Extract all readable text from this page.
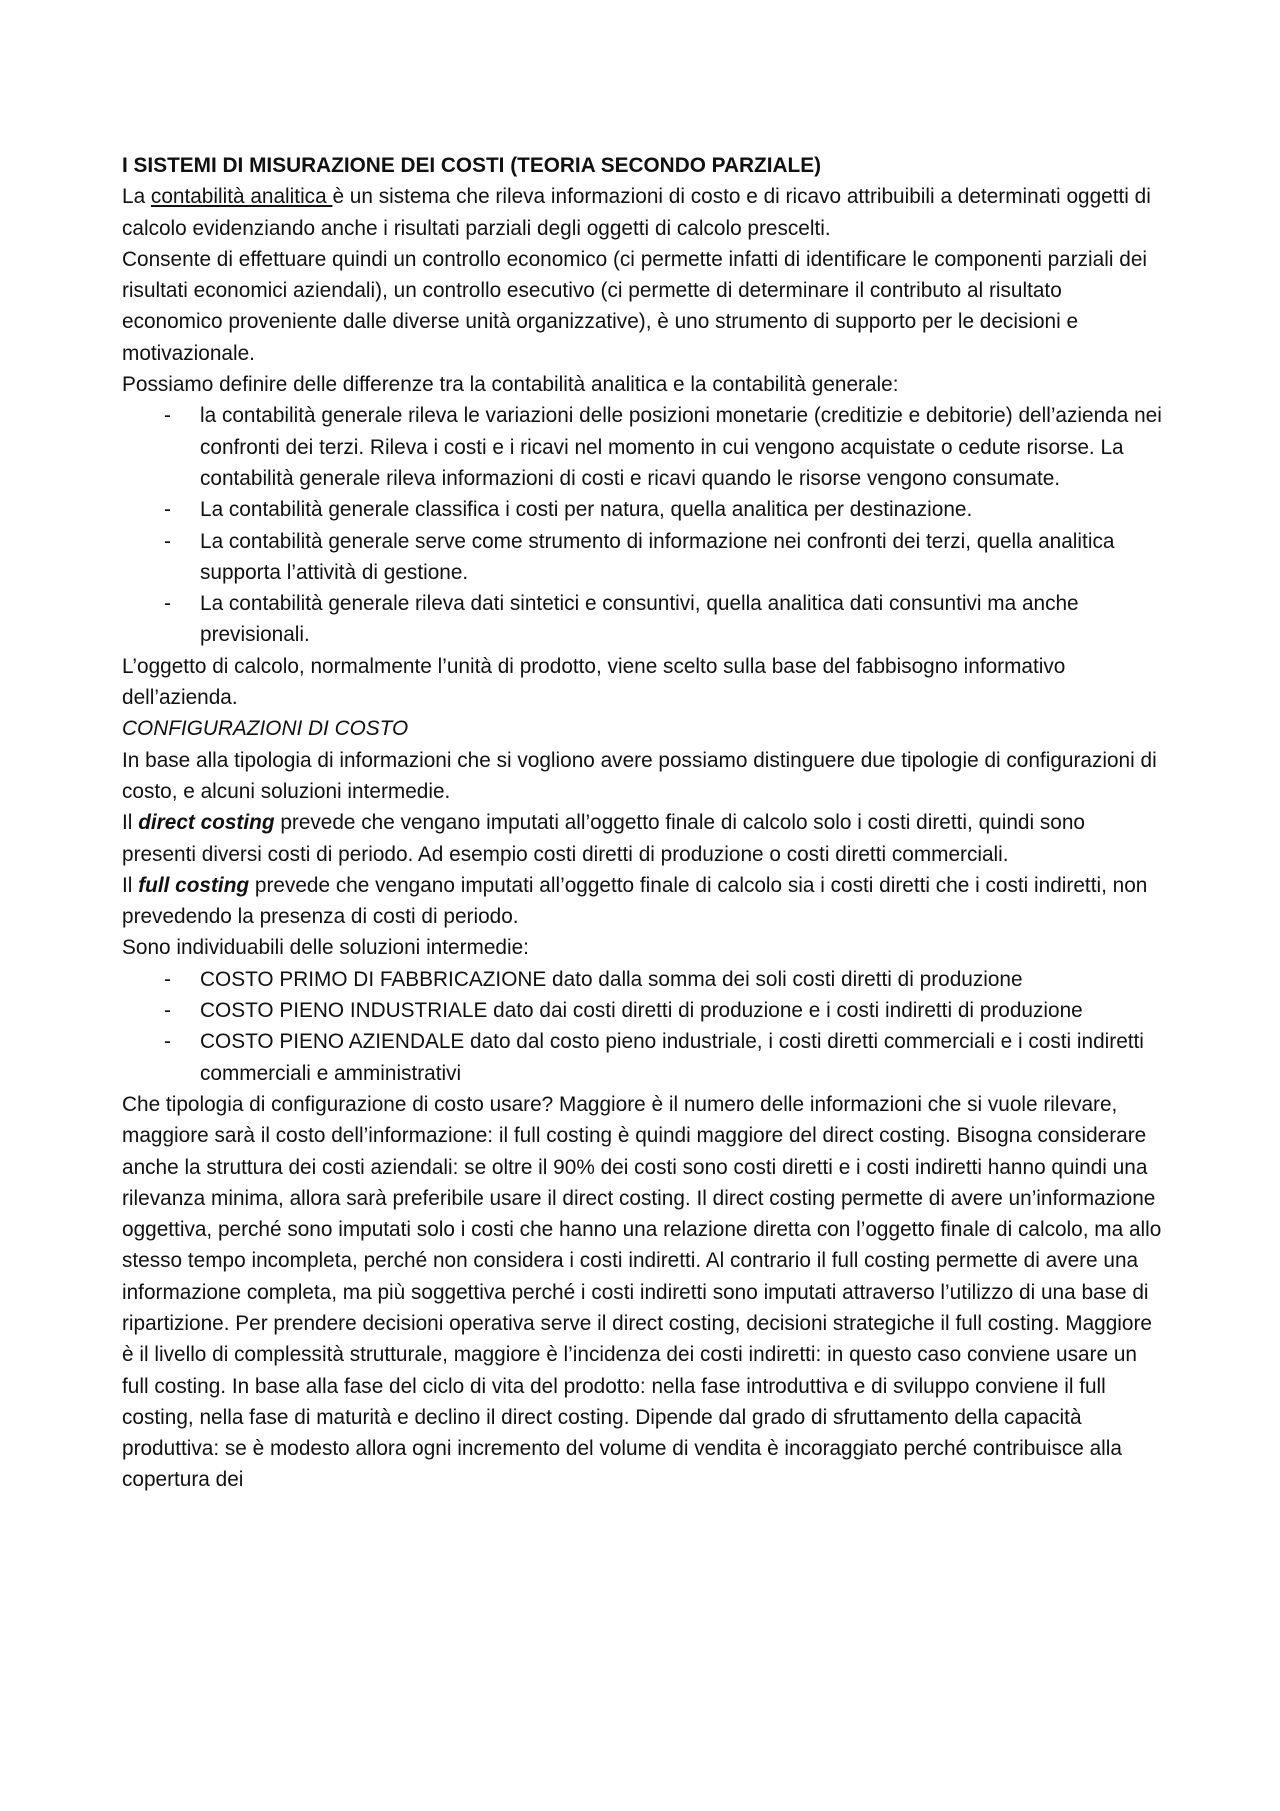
I SISTEMI DI MISURAZIONE DEI COSTI (TEORIA SECONDO PARZIALE)

La contabilità analitica è un sistema che rileva informazioni di costo e di ricavo attribuibili a determinati oggetti di calcolo evidenziando anche i risultati parziali degli oggetti di calcolo prescelti.

Consente di effettuare quindi un controllo economico (ci permette infatti di identificare le componenti parziali dei risultati economici aziendali), un controllo esecutivo (ci permette di determinare il contributo al risultato economico proveniente dalle diverse unità organizzative), è uno strumento di supporto per le decisioni e motivazionale.

Possiamo definire delle differenze tra la contabilità analitica e la contabilità generale:

- la contabilità generale rileva le variazioni delle posizioni monetarie (creditizie e debitorie) dell’azienda nei confronti dei terzi. Rileva i costi e i ricavi nel momento in cui vengono acquistate o cedute risorse. La contabilità generale rileva informazioni di costi e ricavi quando le risorse vengono consumate.
- La contabilità generale classifica i costi per natura, quella analitica per destinazione.
- La contabilità generale serve come strumento di informazione nei confronti dei terzi, quella analitica supporta l’attività di gestione.
- La contabilità generale rileva dati sintetici e consuntivi, quella analitica dati consuntivi ma anche previsionali.

L’oggetto di calcolo, normalmente l’unità di prodotto, viene scelto sulla base del fabbisogno informativo dell’azienda.

CONFIGURAZIONI DI COSTO

In base alla tipologia di informazioni che si vogliono avere possiamo distinguere due tipologie di configurazioni di costo, e alcuni soluzioni intermedie.

Il direct costing prevede che vengano imputati all’oggetto finale di calcolo solo i costi diretti, quindi sono presenti diversi costi di periodo. Ad esempio costi diretti di produzione o costi diretti commerciali.

Il full costing prevede che vengano imputati all’oggetto finale di calcolo sia i costi diretti che i costi indiretti, non prevedendo la presenza di costi di periodo.

Sono individuabili delle soluzioni intermedie:

- COSTO PRIMO DI FABBRICAZIONE dato dalla somma dei soli costi diretti di produzione
- COSTO PIENO INDUSTRIALE dato dai costi diretti di produzione e i costi indiretti di produzione
- COSTO PIENO AZIENDALE dato dal costo pieno industriale, i costi diretti commerciali e i costi indiretti commerciali e amministrativi

Che tipologia di configurazione di costo usare? Maggiore è il numero delle informazioni che si vuole rilevare, maggiore sarà il costo dell’informazione: il full costing è quindi maggiore del direct costing. Bisogna considerare anche la struttura dei costi aziendali: se oltre il 90% dei costi sono costi diretti e i costi indiretti hanno quindi una rilevanza minima, allora sarà preferibile usare il direct costing. Il direct costing permette di avere un’informazione oggettiva, perché sono imputati solo i costi che hanno una relazione diretta con l’oggetto finale di calcolo, ma allo stesso tempo incompleta, perché non considera i costi indiretti. Al contrario il full costing permette di avere una informazione completa, ma più soggettiva perché i costi indiretti sono imputati attraverso l’utilizzo di una base di ripartizione. Per prendere decisioni operativa serve il direct costing, decisioni strategiche il full costing. Maggiore è il livello di complessità strutturale, maggiore è l’incidenza dei costi indiretti: in questo caso conviene usare un full costing. In base alla fase del ciclo di vita del prodotto: nella fase introduttiva e di sviluppo conviene il full costing, nella fase di maturità e declino il direct costing. Dipende dal grado di sfruttamento della capacità produttiva: se è modesto allora ogni incremento del volume di vendita è incoraggiato perché contribuisce alla copertura dei
